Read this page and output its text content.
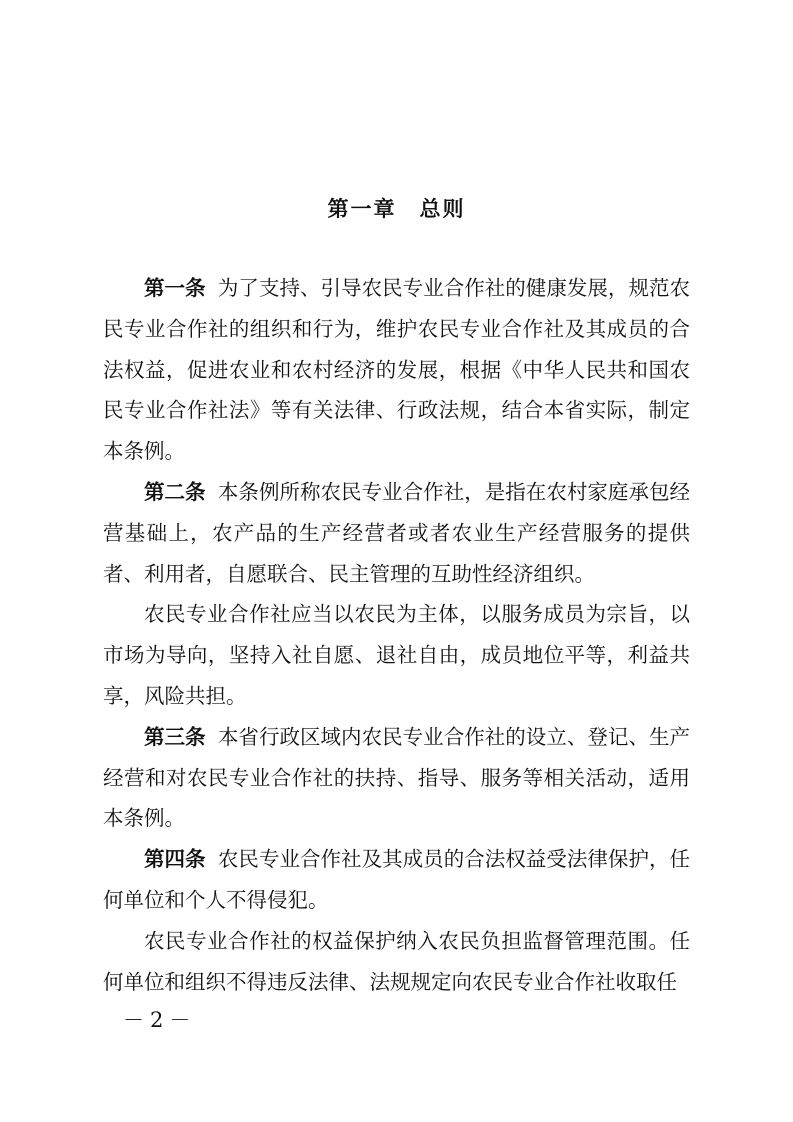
第一章　总则

第一条 为了支持、引导农民专业合作社的健康发展，规范农民专业合作社的组织和行为，维护农民专业合作社及其成员的合法权益，促进农业和农村经济的发展，根据《中华人民共和国农民专业合作社法》等有关法律、行政法规，结合本省实际，制定本条例。

第二条 本条例所称农民专业合作社，是指在农村家庭承包经营基础上，农产品的生产经营者或者农业生产经营服务的提供者、利用者，自愿联合、民主管理的互助性经济组织。

农民专业合作社应当以农民为主体，以服务成员为宗旨，以市场为导向，坚持入社自愿、退社自由，成员地位平等，利益共享，风险共担。

第三条 本省行政区域内农民专业合作社的设立、登记、生产经营和对农民专业合作社的扶持、指导、服务等相关活动，适用本条例。

第四条 农民专业合作社及其成员的合法权益受法律保护，任何单位和个人不得侵犯。

农民专业合作社的权益保护纳入农民负担监督管理范围。任何单位和组织不得违反法律、法规规定向农民专业合作社收取任

－2－
